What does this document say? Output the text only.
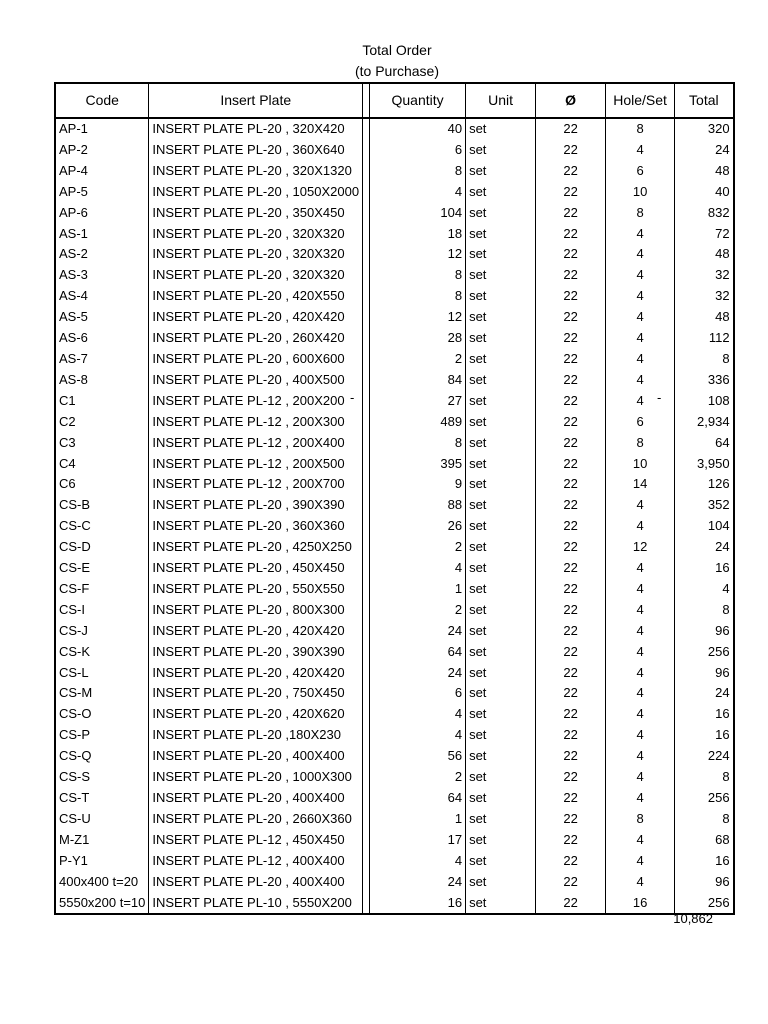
Total Order
(to Purchase)
Code	Insert Plate		Quantity	Unit	Ø	Hole/Set	Total
AP-1	INSERT PLATE PL-20 , 320X420		40	set	22	8	320
AP-2	INSERT PLATE PL-20 , 360X640		6	set	22	4	24
AP-4	INSERT PLATE PL-20 , 320X1320		8	set	22	6	48
AP-5	INSERT PLATE PL-20 , 1050X2000		4	set	22	10	40
AP-6	INSERT PLATE PL-20 , 350X450		104	set	22	8	832
AS-1	INSERT PLATE PL-20 , 320X320		18	set	22	4	72
AS-2	INSERT PLATE PL-20 , 320X320		12	set	22	4	48
AS-3	INSERT PLATE PL-20 , 320X320		8	set	22	4	32
AS-4	INSERT PLATE PL-20 , 420X550		8	set	22	4	32
AS-5	INSERT PLATE PL-20 , 420X420		12	set	22	4	48
AS-6	INSERT PLATE PL-20 , 260X420		28	set	22	4	112
AS-7	INSERT PLATE PL-20 , 600X600		2	set	22	4	8
AS-8	INSERT PLATE PL-20 , 400X500		84	set	22	4	336
C1	INSERT PLATE PL-12 , 200X200		27	set	22	4	108
C2	INSERT PLATE PL-12 , 200X300		489	set	22	6	2,934
C3	INSERT PLATE PL-12 , 200X400		8	set	22	8	64
C4	INSERT PLATE PL-12 , 200X500		395	set	22	10	3,950
C6	INSERT PLATE PL-12 , 200X700		9	set	22	14	126
CS-B	INSERT PLATE PL-20 , 390X390		88	set	22	4	352
CS-C	INSERT PLATE PL-20 , 360X360		26	set	22	4	104
CS-D	INSERT PLATE PL-20 , 4250X250		2	set	22	12	24
CS-E	INSERT PLATE PL-20 , 450X450		4	set	22	4	16
CS-F	INSERT PLATE PL-20 , 550X550		1	set	22	4	4
CS-I	INSERT PLATE PL-20 , 800X300		2	set	22	4	8
CS-J	INSERT PLATE PL-20 , 420X420		24	set	22	4	96
CS-K	INSERT PLATE PL-20 , 390X390		64	set	22	4	256
CS-L	INSERT PLATE PL-20 , 420X420		24	set	22	4	96
CS-M	INSERT PLATE PL-20 , 750X450		6	set	22	4	24
CS-O	INSERT PLATE PL-20 , 420X620		4	set	22	4	16
CS-P	INSERT PLATE PL-20 ,180X230		4	set	22	4	16
CS-Q	INSERT PLATE PL-20 , 400X400		56	set	22	4	224
CS-S	INSERT PLATE PL-20 , 1000X300		2	set	22	4	8
CS-T	INSERT PLATE PL-20 , 400X400		64	set	22	4	256
CS-U	INSERT PLATE PL-20 , 2660X360		1	set	22	8	8
M-Z1	INSERT PLATE PL-12 , 450X450		17	set	22	4	68
P-Y1	INSERT PLATE PL-12 , 400X400		4	set	22	4	16
400x400 t=20	INSERT PLATE PL-20 , 400X400		24	set	22	4	96
5550x200 t=10	INSERT PLATE PL-10 , 5550X200		16	set	22	16	256
10,862
-	-
